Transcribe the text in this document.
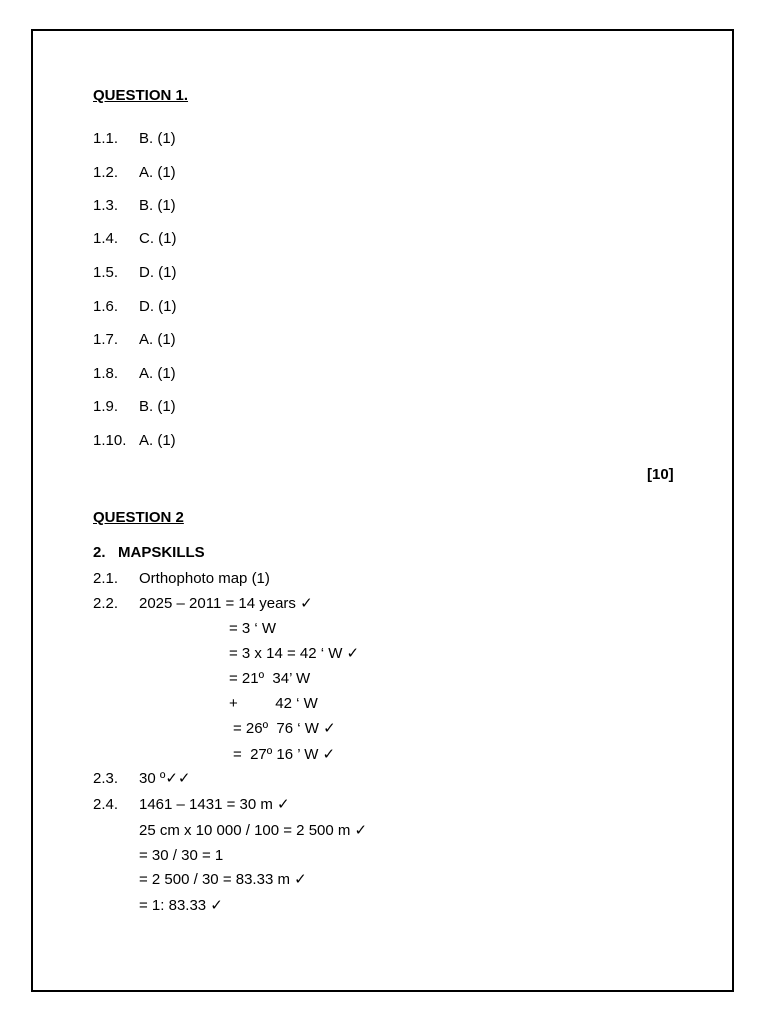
QUESTION 1.
1.1. B. (1)
1.2. A. (1)
1.3. B. (1)
1.4. C. (1)
1.5. D. (1)
1.6. D. (1)
1.7. A. (1)
1.8. A. (1)
1.9. B. (1)
1.10. A. (1)
[10]
QUESTION 2
2.   MAPSKILLS
2.1. Orthophoto map (1)
2.2. 2025 – 2011 = 14 years ✓
= 3 ‘ W
= 3 x 14 = 42 ‘ W ✓
= 21º  34’ W
+         42 ‘ W
= 26º  76 ‘ W ✓
=  27º 16 ’ W ✓
2.3. 30 º✓✓
2.4. 1461 – 1431 = 30 m ✓
25 cm x 10 000 / 100 = 2 500 m ✓
= 30 / 30 = 1
= 2 500 / 30 = 83.33 m ✓
= 1: 83.33 ✓
